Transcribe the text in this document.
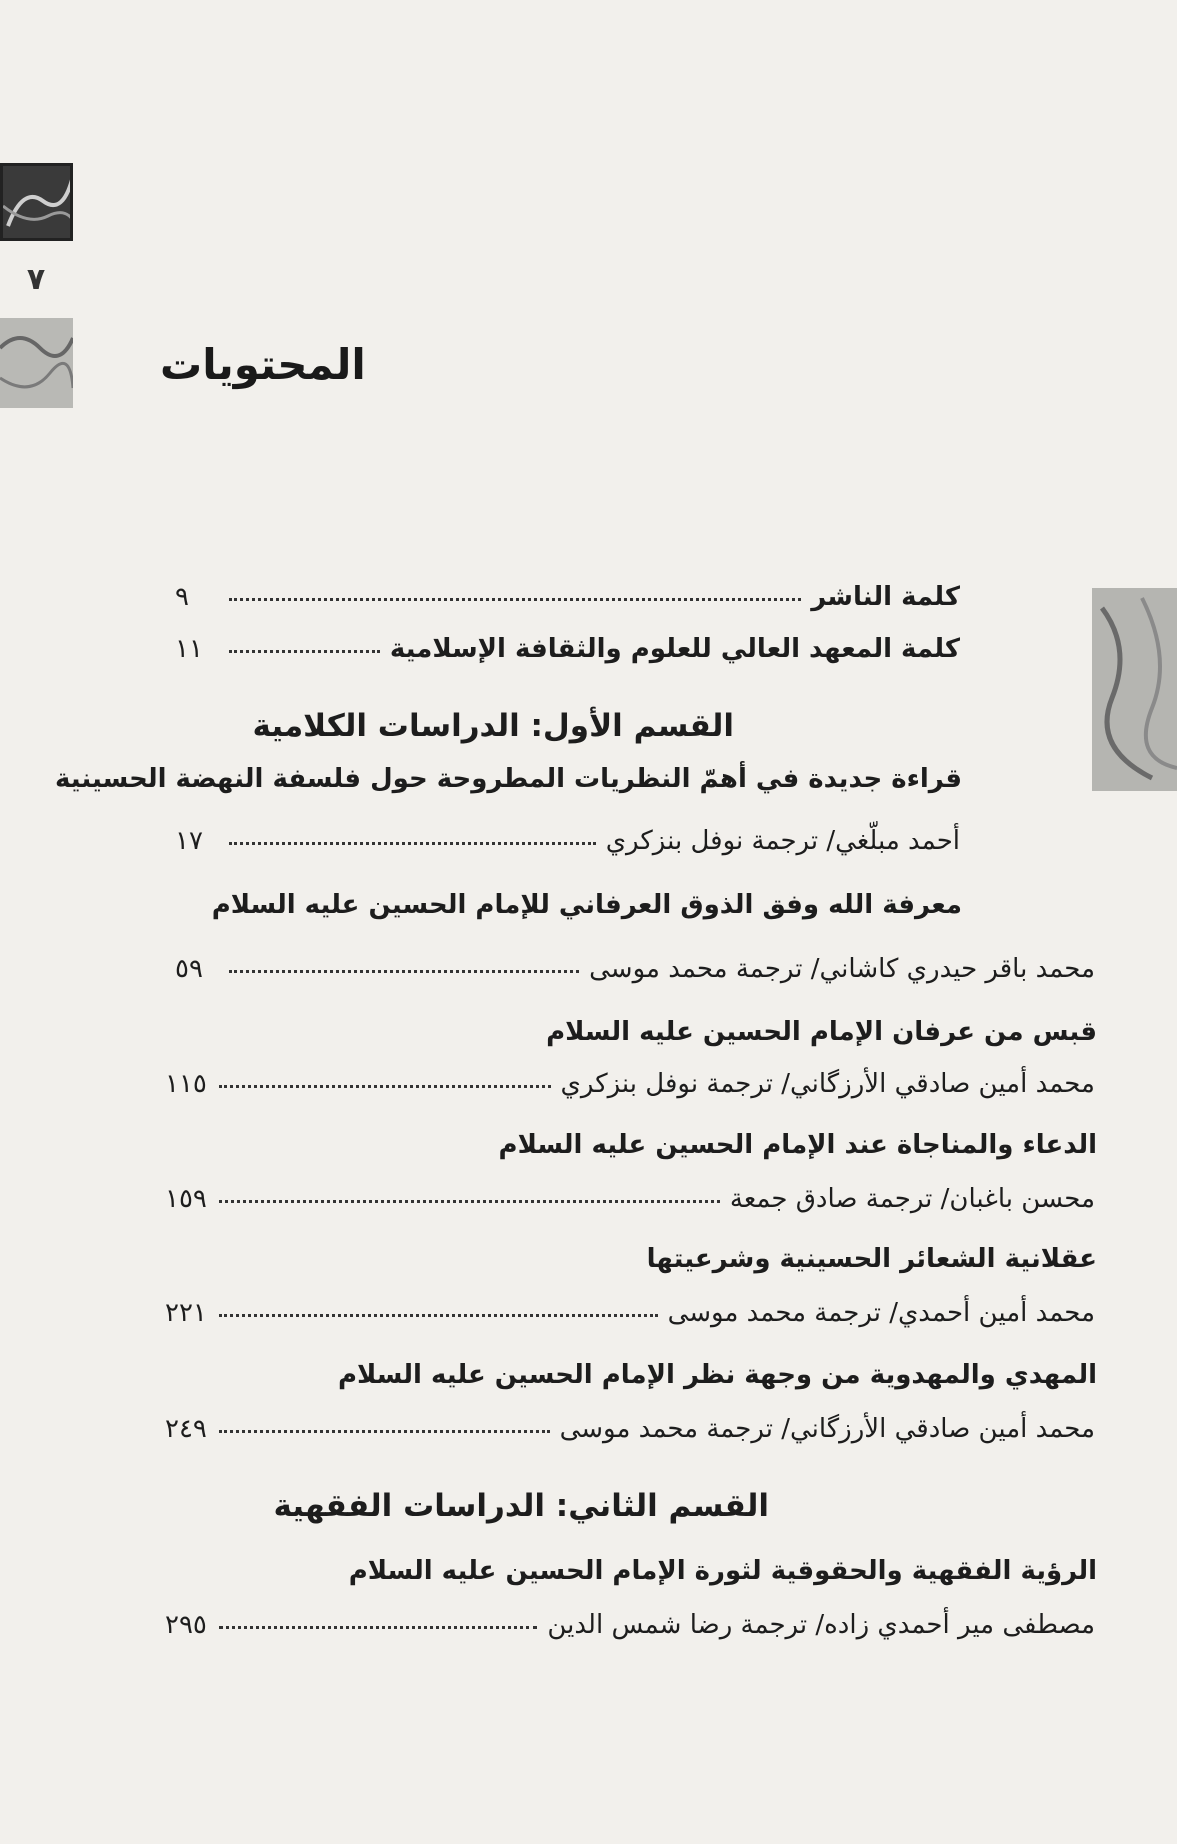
٧
المحتويات
كلمة الناشر
٩
كلمة المعهد العالي للعلوم والثقافة الإسلامية
١١
القسم الأول: الدراسات الكلامية
قراءة جديدة في أهمّ النظريات المطروحة حول فلسفة النهضة الحسينية
أحمد مبلّغي/ ترجمة نوفل بنزكري
١٧
معرفة الله وفق الذوق العرفاني للإمام الحسين عليه السلام
محمد باقر حيدري كاشاني/ ترجمة محمد موسى
٥٩
قبس من عرفان الإمام الحسين عليه السلام
محمد أمين صادقي الأرزگاني/ ترجمة نوفل بنزكري
١١٥
الدعاء والمناجاة عند الإمام الحسين عليه السلام
محسن باغبان/ ترجمة صادق جمعة
١٥٩
عقلانية الشعائر الحسينية وشرعيتها
محمد أمين أحمدي/ ترجمة محمد موسى
٢٢١
المهدي والمهدوية من وجهة نظر الإمام الحسين عليه السلام
محمد أمين صادقي الأرزگاني/ ترجمة محمد موسى
٢٤٩
القسم الثاني: الدراسات الفقهية
الرؤية الفقهية والحقوقية لثورة الإمام الحسين عليه السلام
مصطفى مير أحمدي زاده/ ترجمة رضا شمس الدين
٢٩٥
